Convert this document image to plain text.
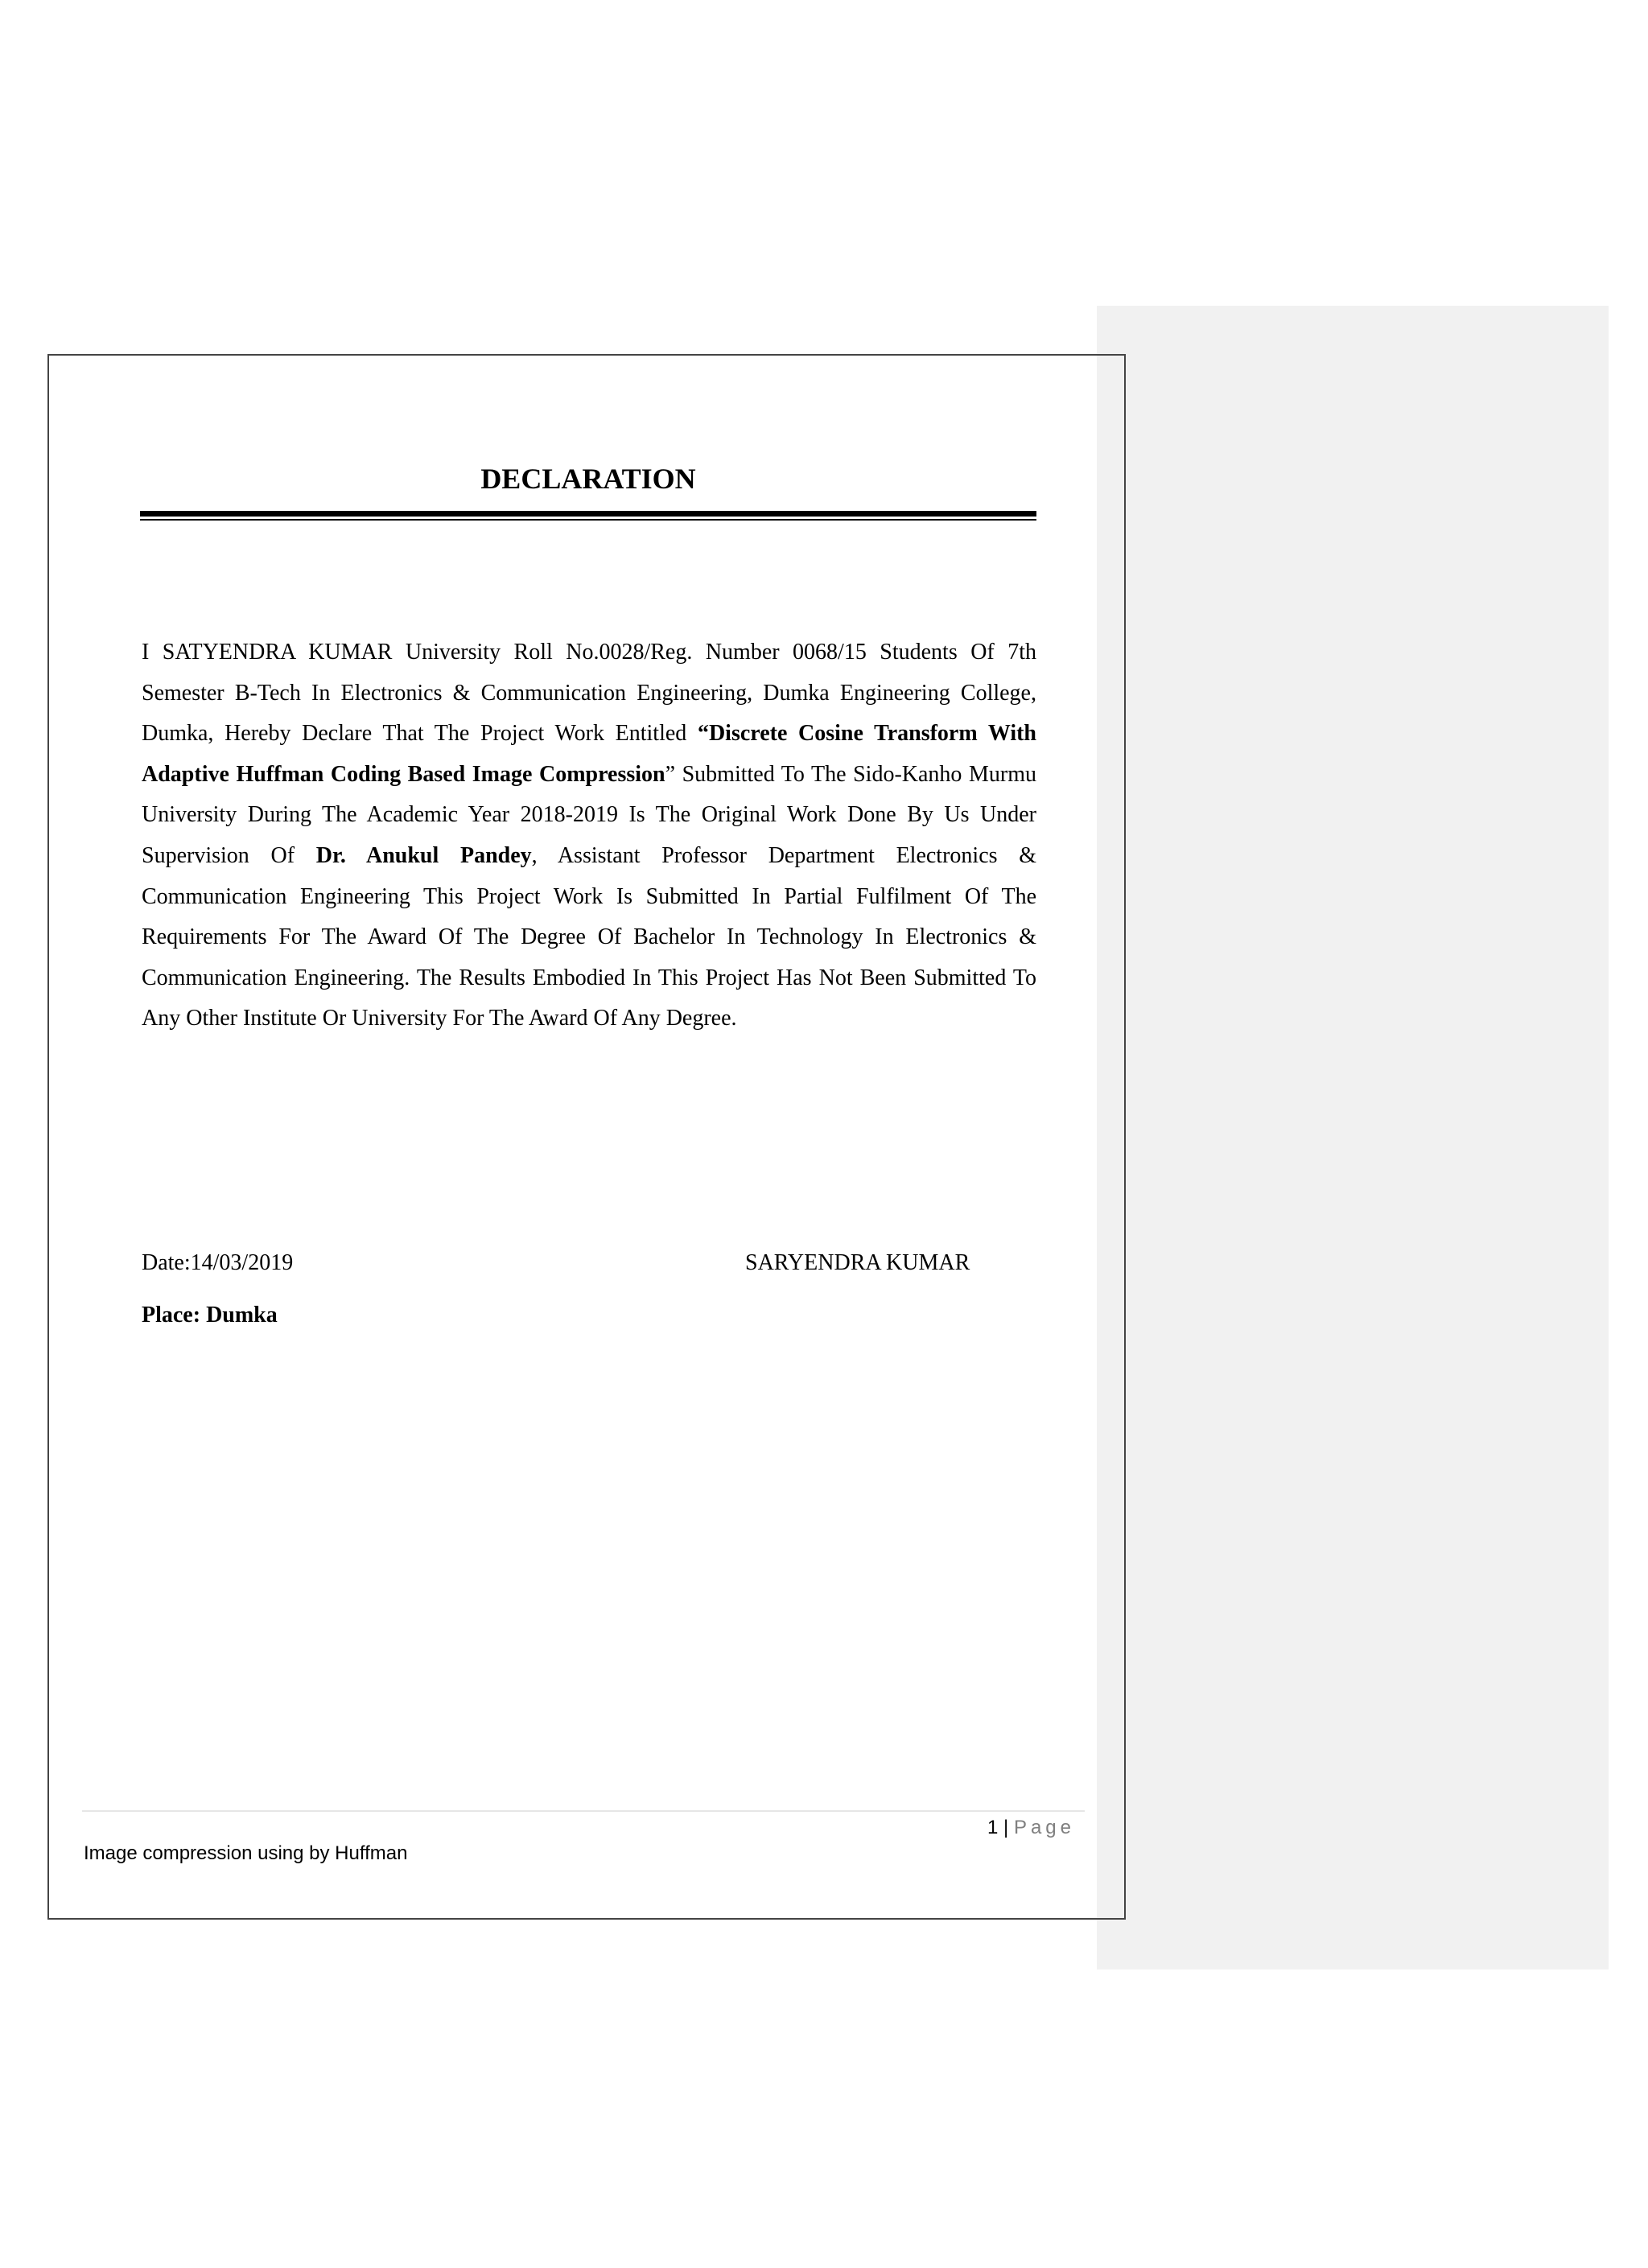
DECLARATION

I SATYENDRA KUMAR University Roll No.0028/Reg. Number 0068/15 Students Of 7th Semester B-Tech In Electronics & Communication Engineering, Dumka Engineering College, Dumka, Hereby Declare That The Project Work Entitled “Discrete Cosine Transform With Adaptive Huffman Coding Based Image Compression” Submitted To The Sido-Kanho Murmu University During The Academic Year 2018-2019 Is The Original Work Done By Us Under Supervision Of Dr. Anukul Pandey, Assistant Professor Department Electronics & Communication Engineering This Project Work Is Submitted In Partial Fulfilment Of The Requirements For The Award Of The Degree Of Bachelor In Technology In Electronics & Communication Engineering. The Results Embodied In This Project Has Not Been Submitted To Any Other Institute Or University For The Award Of Any Degree.

Date:14/03/2019	SARYENDRA KUMAR
Place: Dumka
1 | Page
Image compression using by Huffman
